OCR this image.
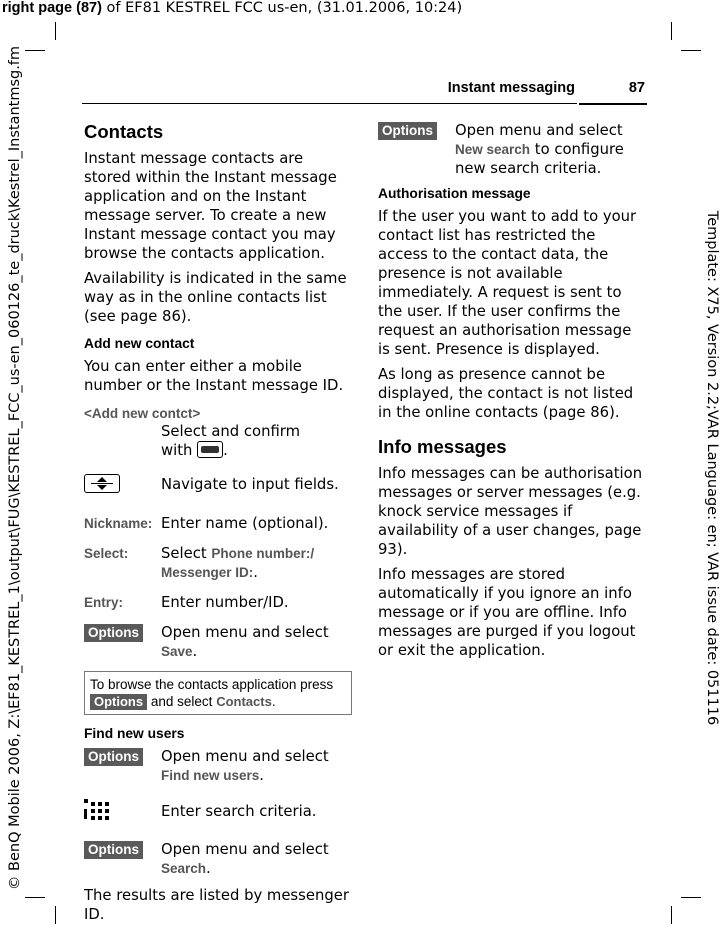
right page (87) of EF81 KESTREL FCC us-en, (31.01.2006, 10:24)
© BenQ Mobile 2006, Z:\EF81_KESTREL_1\output\FUG\KESTREL_FCC_us-en_060126_te_druck\Kestrel_Instantmsg.fm	Template: X75, Version 2.2;VAR Language: en; VAR issue date: 051116
Instant messaging	87
Contacts

Instant message contacts are stored within the Instant message application and on the Instant message server. To create a new Instant message contact you may browse the contacts application.

Availability is indicated in the same way as in the online contacts list (see page 86).

Add new contact

You can enter either a mobile number or the Instant message ID.

<Add new contct>
Select and confirm
with .
Navigate to input fields.
Nickname: Enter name (optional).
Select:	Select Phone number:/ Messenger ID:.
Entry:	Enter number/ID.
Options	Open menu and select
Save.
To browse the contacts application press Options and select Contacts.
Find new users
Options	Open menu and select
Find new users.
Enter search criteria.
Options	Open menu and select
Search.

The results are listed by messenger ID.

Options	Open menu and select
New search to configure new search criteria.
Authorisation message

If the user you want to add to your contact list has restricted the access to the contact data, the presence is not available immediately. A request is sent to the user. If the user confirms the request an authorisation message is sent. Presence is displayed.

As long as presence cannot be displayed, the contact is not listed in the online contacts (page 86).

Info messages

Info messages can be authorisation messages or server messages (e.g. knock service messages if availability of a user changes, page 93).

Info messages are stored automatically if you ignore an info message or if you are offline. Info messages are purged if you logout or exit the application.
